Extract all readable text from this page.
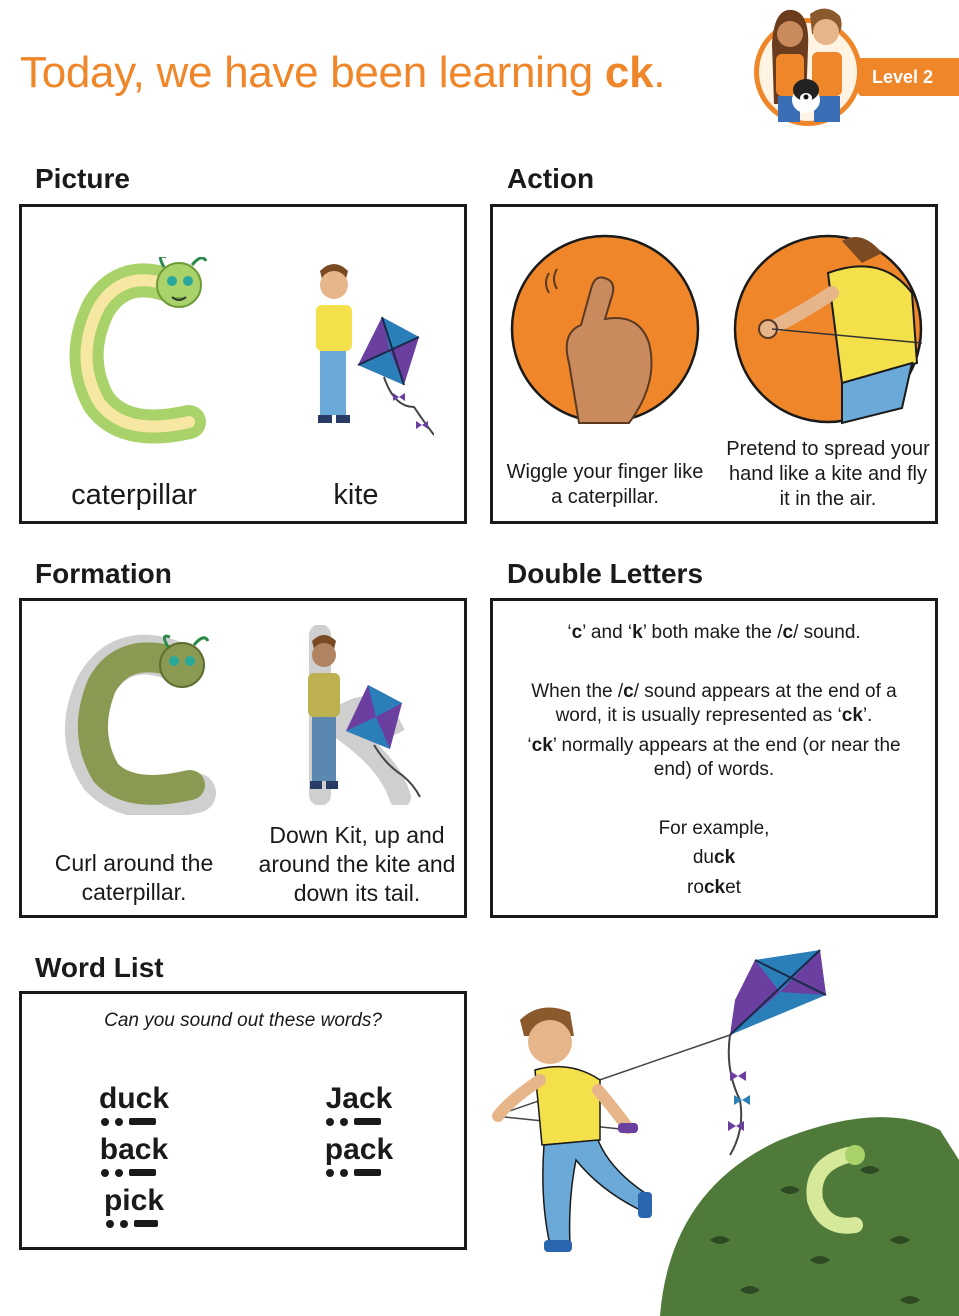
Today, we have been learning ck.	Level 2
Picture
caterpillar	kite
Action
Wiggle your finger like a caterpillar.
Pretend to spread your hand like a kite and fly it in the air.
Formation
Curl around the caterpillar.
Down Kit, up and around the kite and down its tail.
Double Letters

‘c’ and ‘k’ both make the /c/ sound.

When the /c/ sound appears at the end of a word, it is usually represented as ‘ck’.

‘ck’ normally appears at the end (or near the end) of words.

For example,

duck

rocket

Word List
Can you sound out these words?
duck
back
pick
Jack
pack
